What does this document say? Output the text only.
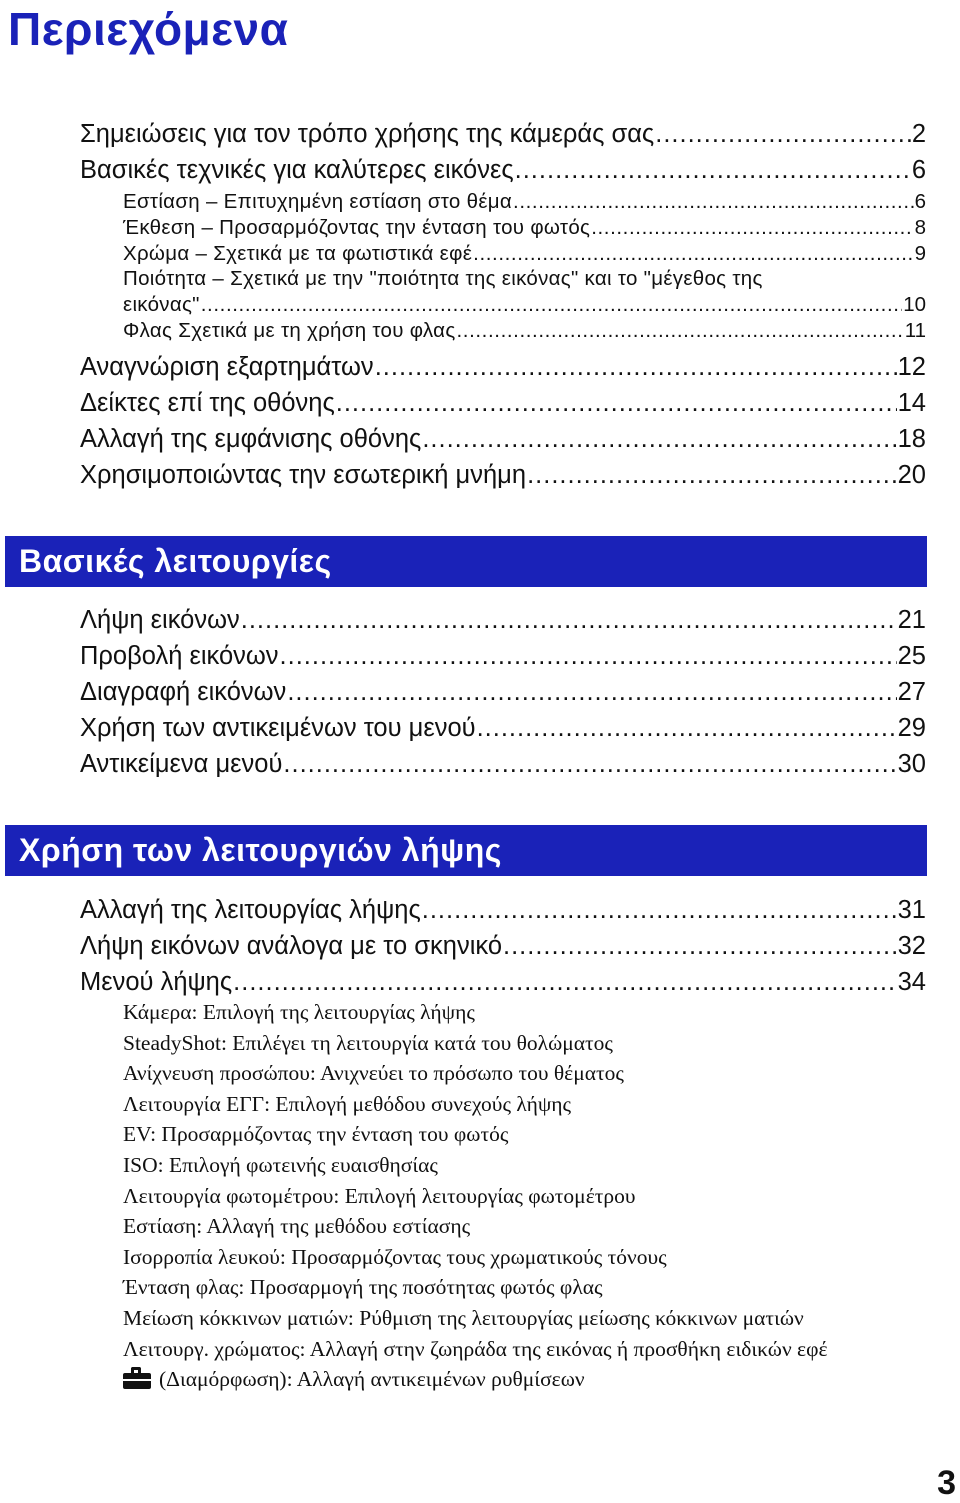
Περιεχόμενα
Σημειώσεις για τον τρόπο χρήσης της κάμεράς σας .....	2
Βασικές τεχνικές για καλύτερες εικόνες .....	6
Εστίαση – Επιτυχημένη εστίαση στο θέμα .....	6
Έκθεση – Προσαρμόζοντας την ένταση του φωτός .....	8
Χρώμα – Σχετικά με τα φωτιστικά εφέ .....	9
Ποιότητα – Σχετικά με την "ποιότητα της εικόνας" και το "μέγεθος της
εικόνας" .....	10
Φλας Σχετικά με τη χρήση του φλας .....	11
Αναγνώριση εξαρτημάτων .....	12
Δείκτες επί της οθόνης .....	14
Αλλαγή της εμφάνισης οθόνης .....	18
Χρησιμοποιώντας την εσωτερική μνήμη .....	20
Βασικές λειτουργίες
Λήψη εικόνων .....	21
Προβολή εικόνων .....	25
Διαγραφή εικόνων .....	27
Χρήση των αντικειμένων του μενού .....	29
Αντικείμενα μενού .....	30
Χρήση των λειτουργιών λήψης
Αλλαγή της λειτουργίας λήψης .....	31
Λήψη εικόνων ανάλογα με το σκηνικό .....	32
Μενού λήψης .....	34
Κάμερα: Επιλογή της λειτουργίας λήψης
SteadyShot: Επιλέγει τη λειτουργία κατά του θολώματος
Ανίχνευση προσώπου: Ανιχνεύει το πρόσωπο του θέματος
Λειτουργία ΕΓΓ: Επιλογή μεθόδου συνεχούς λήψης
EV: Προσαρμόζοντας την ένταση του φωτός
ISO: Επιλογή φωτεινής ευαισθησίας
Λειτουργία φωτομέτρου: Επιλογή λειτουργίας φωτομέτρου
Εστίαση: Αλλαγή της μεθόδου εστίασης
Ισορροπία λευκού: Προσαρμόζοντας τους χρωματικούς τόνους
Ένταση φλας: Προσαρμογή της ποσότητας φωτός φλας
Μείωση κόκκινων ματιών: Ρύθμιση της λειτουργίας μείωσης κόκκινων ματιών
Λειτουργ. χρώματος: Αλλαγή στην ζωηράδα της εικόνας ή προσθήκη ειδικών εφέ
(Διαμόρφωση): Αλλαγή αντικειμένων ρυθμίσεων
3
